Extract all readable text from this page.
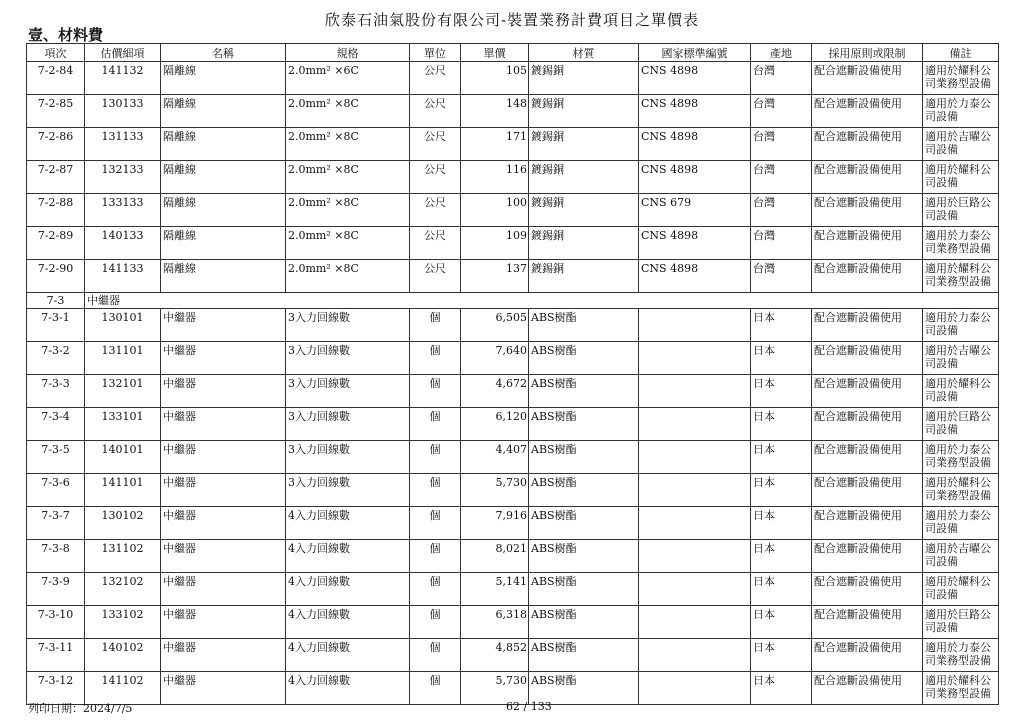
欣泰石油氣股份有限公司-裝置業務計費項目之單價表
壹、材料費
項次	估價細項	名稱	規格	單位	單價	材質	國家標準編號	產地	採用原則或限制	備註
7-2-84	141132	隔離線	2.0mm² ×6C	公尺	105	鍍錫銅	CNS 4898	台灣	配合遮斷設備使用	適用於耀科公司業務型設備
7-2-85	130133	隔離線	2.0mm² ×8C	公尺	148	鍍錫銅	CNS 4898	台灣	配合遮斷設備使用	適用於力泰公司設備
7-2-86	131133	隔離線	2.0mm² ×8C	公尺	171	鍍錫銅	CNS 4898	台灣	配合遮斷設備使用	適用於吉曜公司設備
7-2-87	132133	隔離線	2.0mm² ×8C	公尺	116	鍍錫銅	CNS 4898	台灣	配合遮斷設備使用	適用於耀科公司設備
7-2-88	133133	隔離線	2.0mm² ×8C	公尺	100	鍍錫銅	CNS 679	台灣	配合遮斷設備使用	適用於巨路公司設備
7-2-89	140133	隔離線	2.0mm² ×8C	公尺	109	鍍錫銅	CNS 4898	台灣	配合遮斷設備使用	適用於力泰公司業務型設備
7-2-90	141133	隔離線	2.0mm² ×8C	公尺	137	鍍錫銅	CNS 4898	台灣	配合遮斷設備使用	適用於耀科公司業務型設備
7-3	中繼器									
7-3-1	130101	中繼器	3入力回線數	個	6,505	ABS樹酯		日本	配合遮斷設備使用	適用於力泰公司設備
7-3-2	131101	中繼器	3入力回線數	個	7,640	ABS樹酯		日本	配合遮斷設備使用	適用於吉曜公司設備
7-3-3	132101	中繼器	3入力回線數	個	4,672	ABS樹酯		日本	配合遮斷設備使用	適用於耀科公司設備
7-3-4	133101	中繼器	3入力回線數	個	6,120	ABS樹酯		日本	配合遮斷設備使用	適用於巨路公司設備
7-3-5	140101	中繼器	3入力回線數	個	4,407	ABS樹酯		日本	配合遮斷設備使用	適用於力泰公司業務型設備
7-3-6	141101	中繼器	3入力回線數	個	5,730	ABS樹酯		日本	配合遮斷設備使用	適用於耀科公司業務型設備
7-3-7	130102	中繼器	4入力回線數	個	7,916	ABS樹酯		日本	配合遮斷設備使用	適用於力泰公司設備
7-3-8	131102	中繼器	4入力回線數	個	8,021	ABS樹酯		日本	配合遮斷設備使用	適用於吉曜公司設備
7-3-9	132102	中繼器	4入力回線數	個	5,141	ABS樹酯		日本	配合遮斷設備使用	適用於耀科公司設備
7-3-10	133102	中繼器	4入力回線數	個	6,318	ABS樹酯		日本	配合遮斷設備使用	適用於巨路公司設備
7-3-11	140102	中繼器	4入力回線數	個	4,852	ABS樹酯		日本	配合遮斷設備使用	適用於力泰公司業務型設備
7-3-12	141102	中繼器	4入力回線數	個	5,730	ABS樹酯		日本	配合遮斷設備使用	適用於耀科公司業務型設備
列印日期：2024/7/5	62 / 133
